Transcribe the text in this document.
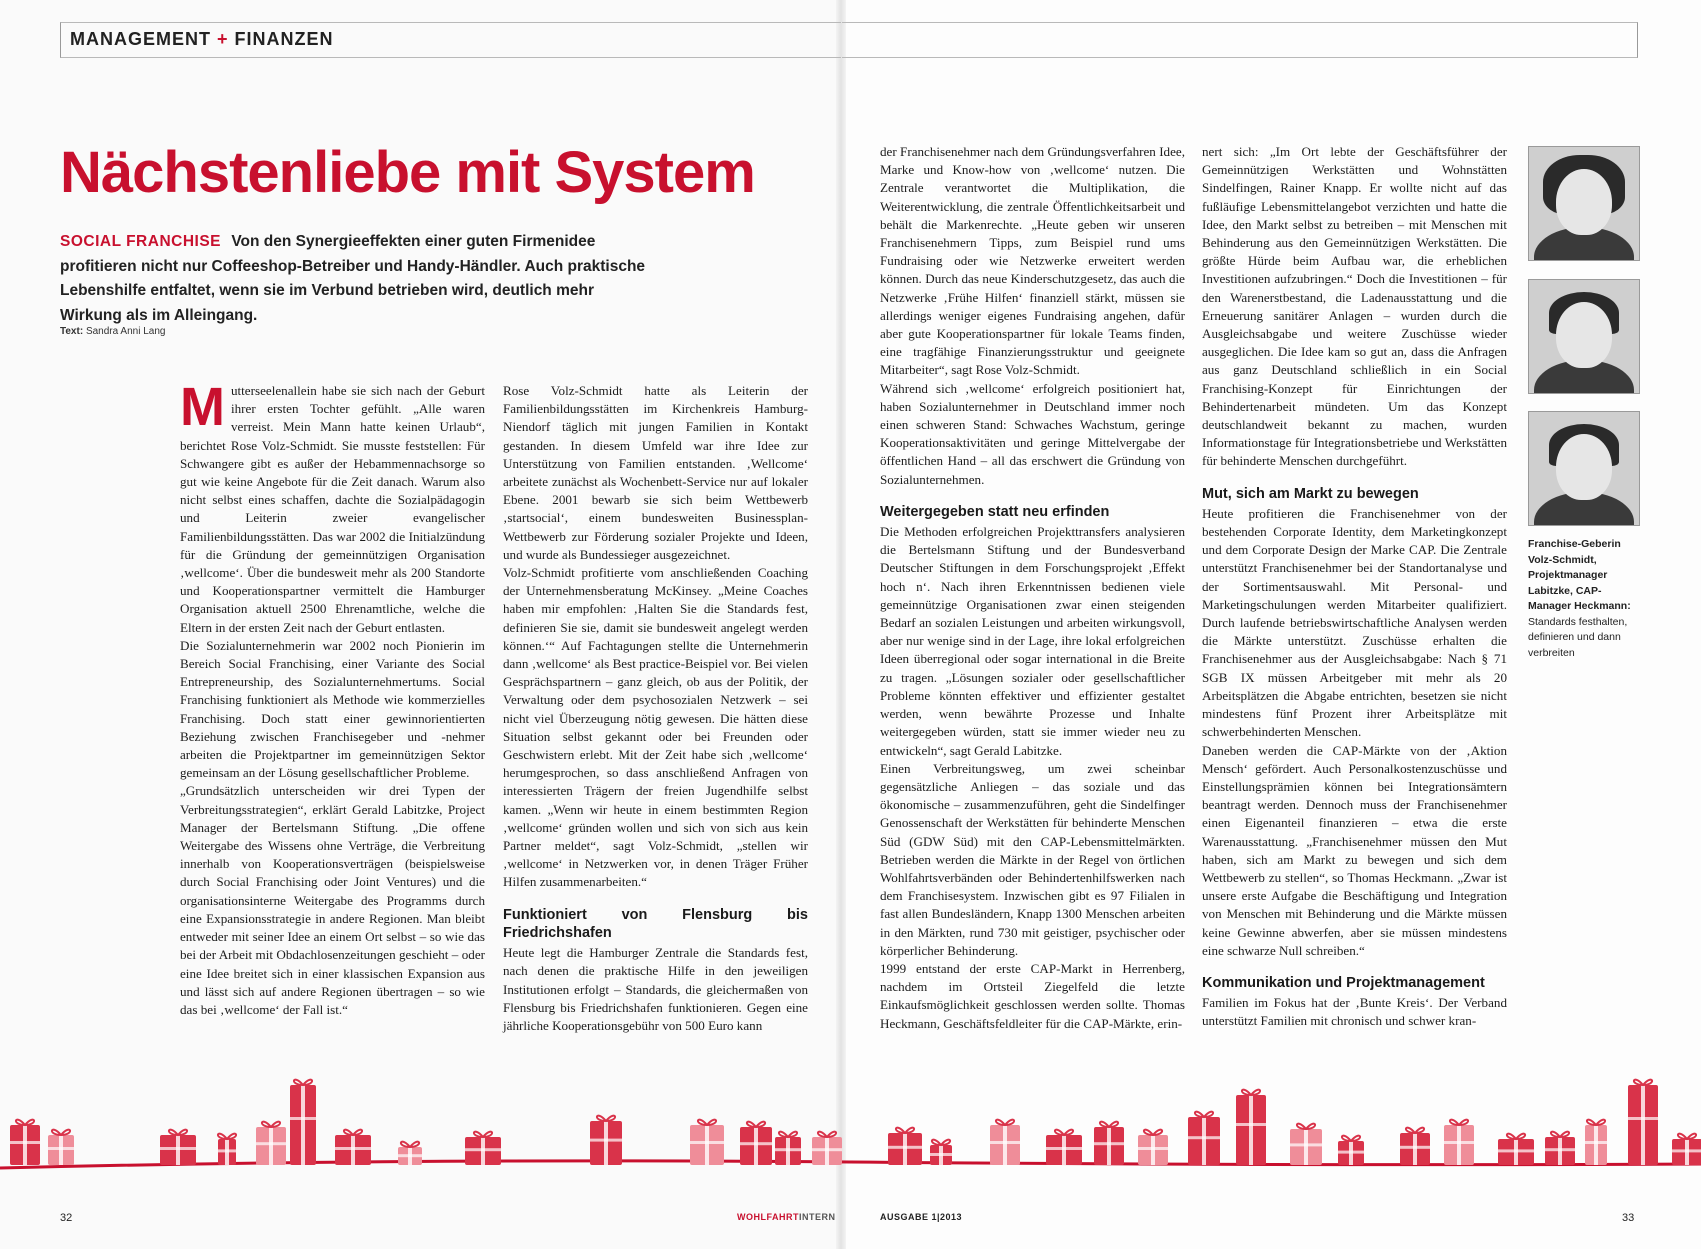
MANAGEMENT + FINANZEN
Nächstenliebe mit System
SOCIAL FRANCHISE Von den Synergieeffekten einer guten Firmenidee profitieren nicht nur Coffeeshop-Betreiber und Handy-Händler. Auch praktische Lebenshilfe entfaltet, wenn sie im Verbund betrieben wird, deutlich mehr Wirkung als im Alleingang.
Text: Sandra Anni Lang
M utterseelenallein habe sie sich nach der Geburt ihrer ersten Tochter gefühlt. „Alle waren verreist. Mein Mann hatte keinen Urlaub“, berichtet Rose Volz-Schmidt. Sie musste feststellen: Für Schwangere gibt es außer der Hebammennachsorge so gut wie keine Angebote für die Zeit danach. Warum also nicht selbst eines schaffen, dachte die Sozialpädagogin und Leiterin zweier evangelischer Familienbildungsstätten. Das war 2002 die Initialzündung für die Gründung der gemeinnützigen Organisation ‚wellcome‘. Über die bundesweit mehr als 200 Standorte und Kooperationspartner vermittelt die Hamburger Organisation aktuell 2500 Ehrenamtliche, welche die Eltern in der ersten Zeit nach der Geburt entlasten.

Die Sozialunternehmerin war 2002 noch Pionierin im Bereich Social Franchising, einer Variante des Social Entrepreneurship, des Sozialunternehmertums. Social Franchising funktioniert als Methode wie kommerzielles Franchising. Doch statt einer gewinnorientierten Beziehung zwischen Franchisegeber und -nehmer arbeiten die Projektpartner im gemeinnützigen Sektor gemeinsam an der Lösung gesellschaftlicher Probleme.

„Grundsätzlich unterscheiden wir drei Typen der Verbreitungsstrategien“, erklärt Gerald Labitzke, Project Manager der Bertelsmann Stiftung. „Die offene Weitergabe des Wissens ohne Verträge, die Verbreitung innerhalb von Kooperationsverträgen (beispielsweise durch Social Franchising oder Joint Ventures) und die organisationsinterne Weitergabe des Programms durch eine Expansionsstrategie in andere Regionen. Man bleibt entweder mit seiner Idee an einem Ort selbst – so wie das bei der Arbeit mit Obdachlosenzeitungen geschieht – oder eine Idee breitet sich in einer klassischen Expansion aus und lässt sich auf andere Regionen übertragen – so wie das bei ‚wellcome‘ der Fall ist.“

Rose Volz-Schmidt hatte als Leiterin der Familienbildungsstätten im Kirchenkreis Hamburg-Niendorf täglich mit jungen Familien in Kontakt gestanden. In diesem Umfeld war ihre Idee zur Unterstützung von Familien entstanden. ‚Wellcome‘ arbeitete zunächst als Wochenbett-Service nur auf lokaler Ebene. 2001 bewarb sie sich beim Wettbewerb ‚startsocial‘, einem bundesweiten Businessplan-Wettbewerb zur Förderung sozialer Projekte und Ideen, und wurde als Bundessieger ausgezeichnet.

Volz-Schmidt profitierte vom anschließenden Coaching der Unternehmensberatung McKinsey. „Meine Coaches haben mir empfohlen: ‚Halten Sie die Standards fest, definieren Sie sie, damit sie bundesweit angelegt werden können.‘“ Auf Fachtagungen stellte die Unternehmerin dann ‚wellcome‘ als Best practice-Beispiel vor. Bei vielen Gesprächspartnern – ganz gleich, ob aus der Politik, der Verwaltung oder dem psychosozialen Netzwerk – sei nicht viel Überzeugung nötig gewesen. Die hätten diese Situation selbst gekannt oder bei Freunden oder Geschwistern erlebt. Mit der Zeit habe sich ‚wellcome‘ herumgesprochen, so dass anschließend Anfragen von interessierten Trägern der freien Jugendhilfe selbst kamen. „Wenn wir heute in einem bestimmten Region ‚wellcome‘ gründen wollen und sich von sich aus kein Partner meldet“, sagt Volz-Schmidt, „stellen wir ‚wellcome‘ in Netzwerken vor, in denen Träger Früher Hilfen zusammenarbeiten.“

Funktioniert von Flensburg bis Friedrichshafen

Heute legt die Hamburger Zentrale die Standards fest, nach denen die praktische Hilfe in den jeweiligen Institutionen erfolgt – Standards, die gleichermaßen von Flensburg bis Friedrichshafen funktionieren. Gegen eine jährliche Kooperationsgebühr von 500 Euro kann

der Franchisenehmer nach dem Gründungsverfahren Idee, Marke und Know-how von ‚wellcome‘ nutzen. Die Zentrale verantwortet die Multiplikation, die Weiterentwicklung, die zentrale Öffentlichkeitsarbeit und behält die Markenrechte. „Heute geben wir unseren Franchisenehmern Tipps, zum Beispiel rund ums Fundraising oder wie Netzwerke erweitert werden können. Durch das neue Kinderschutzgesetz, das auch die Netzwerke ‚Frühe Hilfen‘ finanziell stärkt, müssen sie allerdings weniger eigenes Fundraising angehen, dafür aber gute Kooperationspartner für lokale Teams finden, eine tragfähige Finanzierungsstruktur und geeignete Mitarbeiter“, sagt Rose Volz-Schmidt.

Während sich ‚wellcome‘ erfolgreich positioniert hat, haben Sozialunternehmer in Deutschland immer noch einen schweren Stand: Schwaches Wachstum, geringe Kooperationsaktivitäten und geringe Mittelvergabe der öffentlichen Hand – all das erschwert die Gründung von Sozialunternehmen.

Weitergegeben statt neu erfinden

Die Methoden erfolgreichen Projekttransfers analysieren die Bertelsmann Stiftung und der Bundesverband Deutscher Stiftungen in dem Forschungsprojekt ‚Effekt hoch n‘. Nach ihren Erkenntnissen bedienen viele gemeinnützige Organisationen zwar einen steigenden Bedarf an sozialen Leistungen und arbeiten wirkungsvoll, aber nur wenige sind in der Lage, ihre lokal erfolgreichen Ideen überregional oder sogar international in die Breite zu tragen. „Lösungen sozialer oder gesellschaftlicher Probleme könnten effektiver und effizienter gestaltet werden, wenn bewährte Prozesse und Inhalte weitergegeben würden, statt sie immer wieder neu zu entwickeln“, sagt Gerald Labitzke.

Einen Verbreitungsweg, um zwei scheinbar gegensätzliche Anliegen – das soziale und das ökonomische – zusammenzuführen, geht die Sindelfinger Genossenschaft der Werkstätten für behinderte Menschen Süd (GDW Süd) mit den CAP-Lebensmittelmärkten. Betrieben werden die Märkte in der Regel von örtlichen Wohlfahrtsverbänden oder Behindertenhilfswerken nach dem Franchisesystem. Inzwischen gibt es 97 Filialen in fast allen Bundesländern, Knapp 1300 Menschen arbeiten in den Märkten, rund 730 mit geistiger, psychischer oder körperlicher Behinderung.

1999 entstand der erste CAP-Markt in Herrenberg, nachdem im Ortsteil Ziegelfeld die letzte Einkaufsmöglichkeit geschlossen werden sollte. Thomas Heckmann, Geschäftsfeldleiter für die CAP-Märkte, erin-

nert sich: „Im Ort lebte der Geschäftsführer der Gemeinnützigen Werkstätten und Wohnstätten Sindelfingen, Rainer Knapp. Er wollte nicht auf das fußläufige Lebensmittelangebot verzichten und hatte die Idee, den Markt selbst zu betreiben – mit Menschen mit Behinderung aus den Gemeinnützigen Werkstätten. Die größte Hürde beim Aufbau war, die erheblichen Investitionen aufzubringen.“ Doch die Investitionen – für den Warenerstbestand, die Ladenausstattung und die Erneuerung sanitärer Anlagen – wurden durch die Ausgleichsabgabe und weitere Zuschüsse wieder ausgeglichen. Die Idee kam so gut an, dass die Anfragen aus ganz Deutschland schließlich in ein Social Franchising-Konzept für Einrichtungen der Behindertenarbeit mündeten. Um das Konzept deutschlandweit bekannt zu machen, wurden Informationstage für Integrationsbetriebe und Werkstätten für behinderte Menschen durchgeführt.

Mut, sich am Markt zu bewegen

Heute profitieren die Franchisenehmer von der bestehenden Corporate Identity, dem Marketingkonzept und dem Corporate Design der Marke CAP. Die Zentrale unterstützt Franchisenehmer bei der Standortanalyse und der Sortimentsauswahl. Mit Personal- und Marketingschulungen werden Mitarbeiter qualifiziert. Durch laufende betriebswirtschaftliche Analysen werden die Märkte unterstützt. Zuschüsse erhalten die Franchisenehmer aus der Ausgleichsabgabe: Nach § 71 SGB IX müssen Arbeitgeber mit mehr als 20 Arbeitsplätzen die Abgabe entrichten, besetzen sie nicht mindestens fünf Prozent ihrer Arbeitsplätze mit schwerbehinderten Menschen.

Daneben werden die CAP-Märkte von der ‚Aktion Mensch‘ gefördert. Auch Personalkostenzuschüsse und Einstellungsprämien können bei Integrationsämtern beantragt werden. Dennoch muss der Franchisenehmer einen Eigenanteil finanzieren – etwa die erste Warenausstattung. „Franchisenehmer müssen den Mut haben, sich am Markt zu bewegen und sich dem Wettbewerb zu stellen“, so Thomas Heckmann. „Zwar ist unsere erste Aufgabe die Beschäftigung und Integration von Menschen mit Behinderung und die Märkte müssen keine Gewinne abwerfen, aber sie müssen mindestens eine schwarze Null schreiben.“

Kommunikation und Projektmanagement

Familien im Fokus hat der ‚Bunte Kreis‘. Der Verband unterstützt Familien mit chronisch und schwer kran-

Franchise-Geberin Volz-Schmidt, Projektmanager Labitzke, CAP-Manager Heckmann: Standards festhalten, definieren und dann verbreiten
32	WOHLFAHRTINTERN	AUSGABE 1|2013	33
